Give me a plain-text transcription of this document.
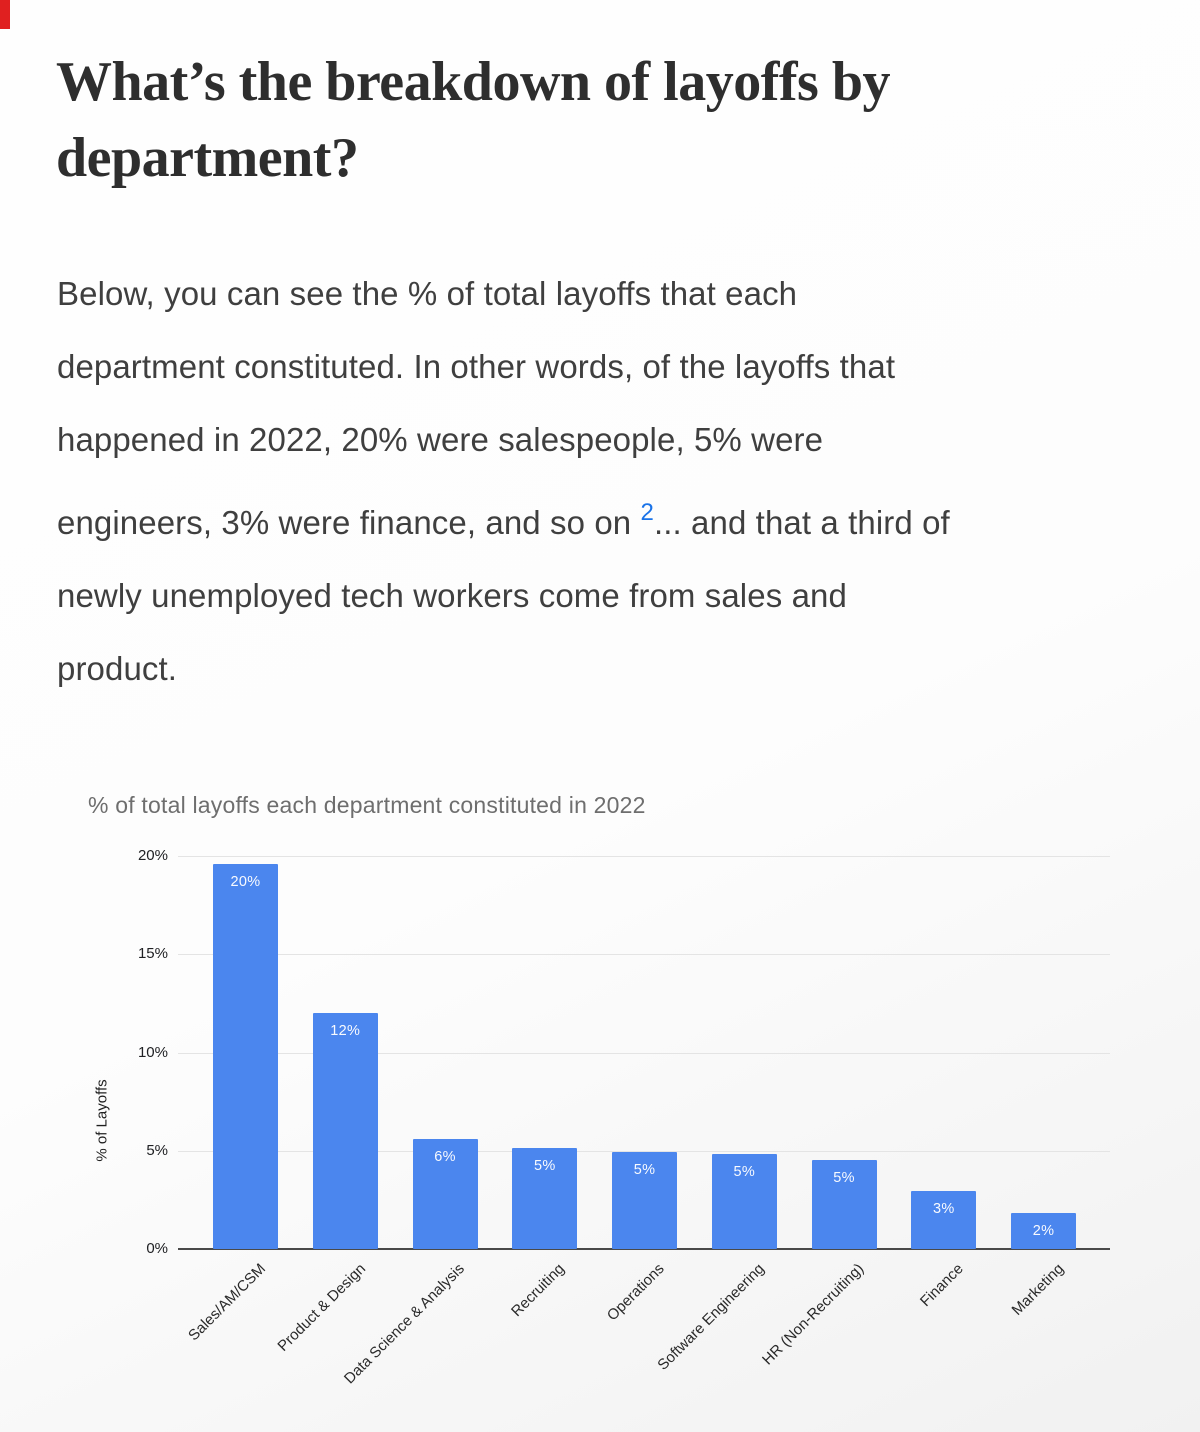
What’s the breakdown of layoffs by
department?
Below, you can see the % of total layoffs that each
department constituted. In other words, of the layoffs that
happened in 2022, 20% were salespeople, 5% were
engineers, 3% were finance, and so on $^2$... and that a third of
newly unemployed tech workers come from sales and
product.
% of total layoffs each department constituted in 2022
% of Layoffs
20%
15%
10%
5%
0%
20%
Sales/AM/CSM
12%
Product & Design
6%
Data Science & Analysis
5%
Recruiting
5%
Operations
5%
Software Engineering
5%
HR (Non-Recruiting)
3%
Finance
2%
Marketing
